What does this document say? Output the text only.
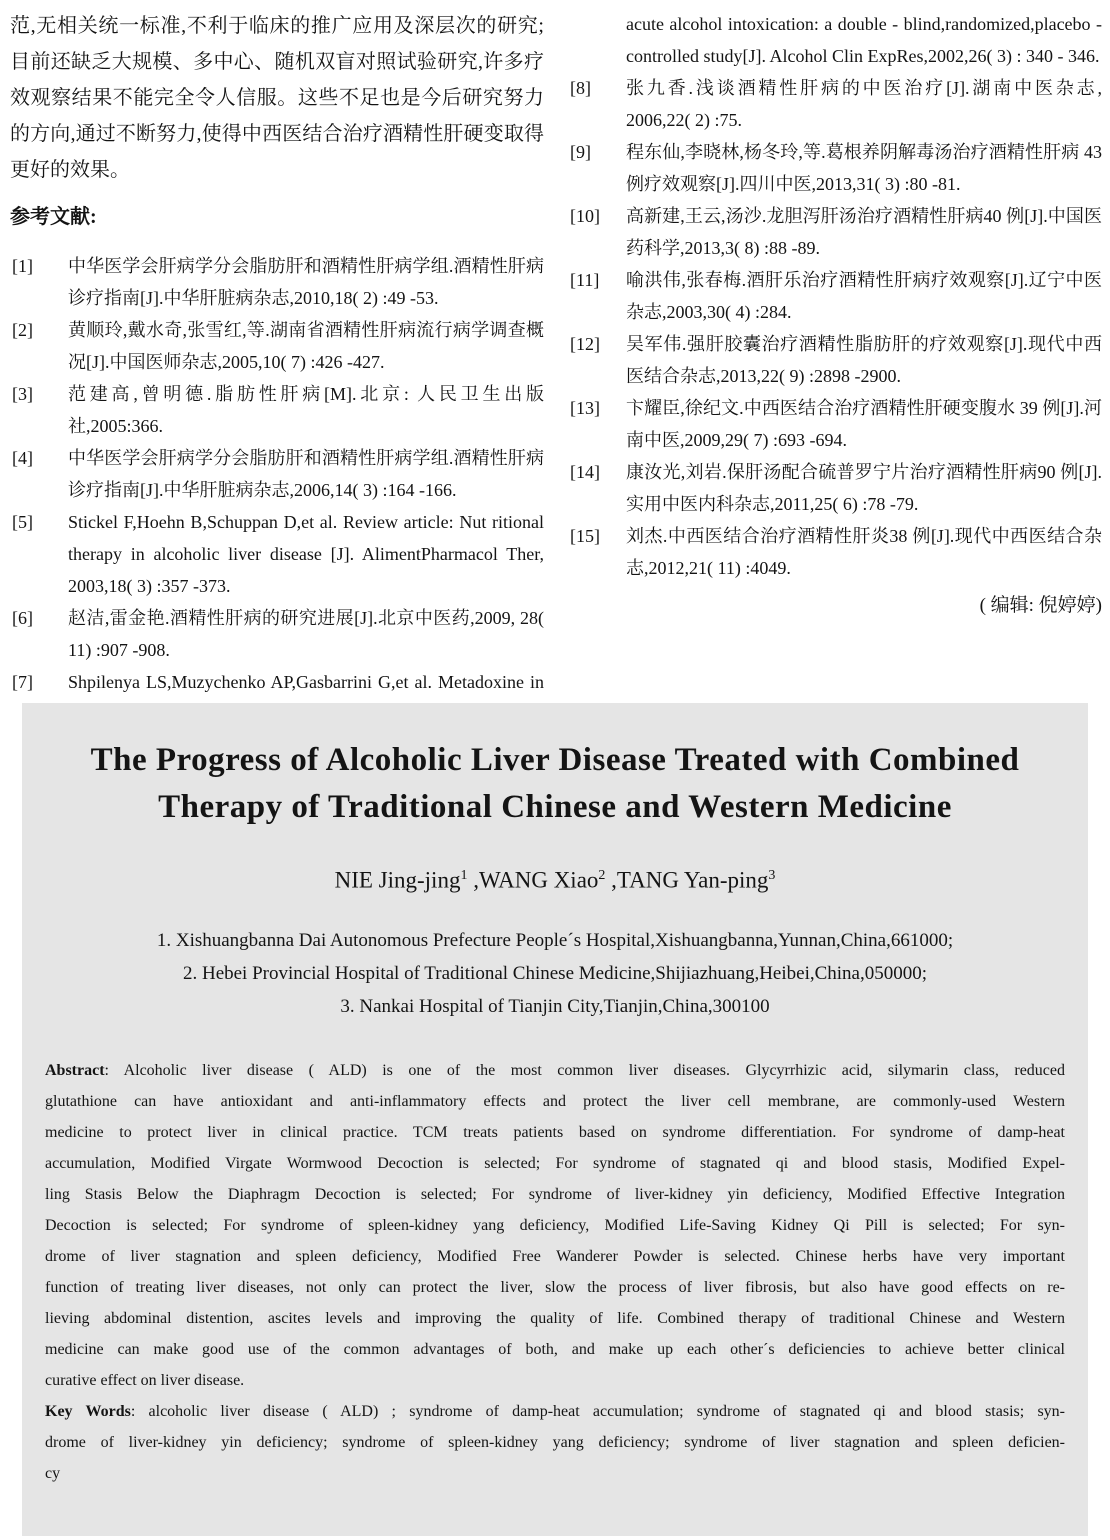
范,无相关统一标准,不利于临床的推广应用及深层次的研究;目前还缺乏大规模、多中心、随机双盲对照试验研究,许多疗效观察结果不能完全令人信服。这些不足也是今后研究努力的方向,通过不断努力,使得中西医结合治疗酒精性肝硬变取得更好的效果。
参考文献:
[1] 中华医学会肝病学分会脂肪肝和酒精性肝病学组.酒精性肝病诊疗指南[J].中华肝脏病杂志,2010,18( 2) :49 -53.
[2] 黄顺玲,戴水奇,张雪红,等.湖南省酒精性肝病流行病学调查概况[J].中国医师杂志,2005,10( 7) :426 -427.
[3] 范建高,曾明德.脂肪性肝病[M].北京: 人民卫生出版社,2005:366.
[4] 中华医学会肝病学分会脂肪肝和酒精性肝病学组.酒精性肝病诊疗指南[J].中华肝脏病杂志,2006,14( 3) :164 -166.
[5] Stickel F,Hoehn B,Schuppan D,et al. Review article: Nut ritional therapy in alcoholic liver disease [J]. AlimentPharmacol Ther, 2003,18( 3) :357 -373.
[6] 赵洁,雷金艳.酒精性肝病的研究进展[J].北京中医药,2009, 28( 11) :907 -908.
[7] Shpilenya LS,Muzychenko AP,Gasbarrini G,et al. Metadoxine in
acute alcohol intoxication: a double - blind,randomized,placebo - controlled study[J]. Alcohol Clin ExpRes,2002,26( 3) : 340 - 346.
[8] 张九香.浅谈酒精性肝病的中医治疗[J].湖南中医杂志, 2006,22( 2) :75.
[9] 程东仙,李晓林,杨冬玲,等.葛根养阴解毒汤治疗酒精性肝病 43 例疗效观察[J].四川中医,2013,31( 3) :80 -81.
[10] 高新建,王云,汤沙.龙胆泻肝汤治疗酒精性肝病40 例[J].中国医药科学,2013,3( 8) :88 -89.
[11] 喻洪伟,张春梅.酒肝乐治疗酒精性肝病疗效观察[J].辽宁中医杂志,2003,30( 4) :284.
[12] 吴军伟.强肝胶囊治疗酒精性脂肪肝的疗效观察[J].现代中西医结合杂志,2013,22( 9) :2898 -2900.
[13] 卞耀臣,徐纪文.中西医结合治疗酒精性肝硬变腹水 39 例[J].河南中医,2009,29( 7) :693 -694.
[14] 康汝光,刘岩.保肝汤配合硫普罗宁片治疗酒精性肝病90 例[J].实用中医内科杂志,2011,25( 6) :78 -79.
[15] 刘杰.中西医结合治疗酒精性肝炎38 例[J].现代中西医结合杂志,2012,21( 11) :4049.
( 编辑: 倪婷婷)
The Progress of Alcoholic Liver Disease Treated with Combined
Therapy of Traditional Chinese and Western Medicine
NIE Jing-jing$^1$ ,WANG Xiao$^2$ ,TANG Yan-ping$^3$
1. Xishuangbanna Dai Autonomous Prefecture People´s Hospital,Xishuangbanna,Yunnan,China,661000;
2. Hebei Provincial Hospital of Traditional Chinese Medicine,Shijiazhuang,Heibei,China,050000;
3. Nankai Hospital of Tianjin City,Tianjin,China,300100
Abstract: Alcoholic liver disease ( ALD) is one of the most common liver diseases. Glycyrrhizic acid, silymarin class, reduced
glutathione can have antioxidant and anti-inflammatory effects and protect the liver cell membrane, are commonly-used Western
medicine to protect liver in clinical practice. TCM treats patients based on syndrome differentiation. For syndrome of damp-heat
accumulation, Modified Virgate Wormwood Decoction is selected; For syndrome of stagnated qi and blood stasis, Modified Expel-
ling Stasis Below the Diaphragm Decoction is selected; For syndrome of liver-kidney yin deficiency, Modified Effective Integration
Decoction is selected; For syndrome of spleen-kidney yang deficiency, Modified Life-Saving Kidney Qi Pill is selected; For syn-
drome of liver stagnation and spleen deficiency, Modified Free Wanderer Powder is selected. Chinese herbs have very important
function of treating liver diseases, not only can protect the liver, slow the process of liver fibrosis, but also have good effects on re-
lieving abdominal distention, ascites levels and improving the quality of life. Combined therapy of traditional Chinese and Western
medicine can make good use of the common advantages of both, and make up each other´s deficiencies to achieve better clinical
curative effect on liver disease.
Key Words: alcoholic liver disease ( ALD) ; syndrome of damp-heat accumulation; syndrome of stagnated qi and blood stasis; syn-
drome of liver-kidney yin deficiency; syndrome of spleen-kidney yang deficiency; syndrome of liver stagnation and spleen deficien-
cy
